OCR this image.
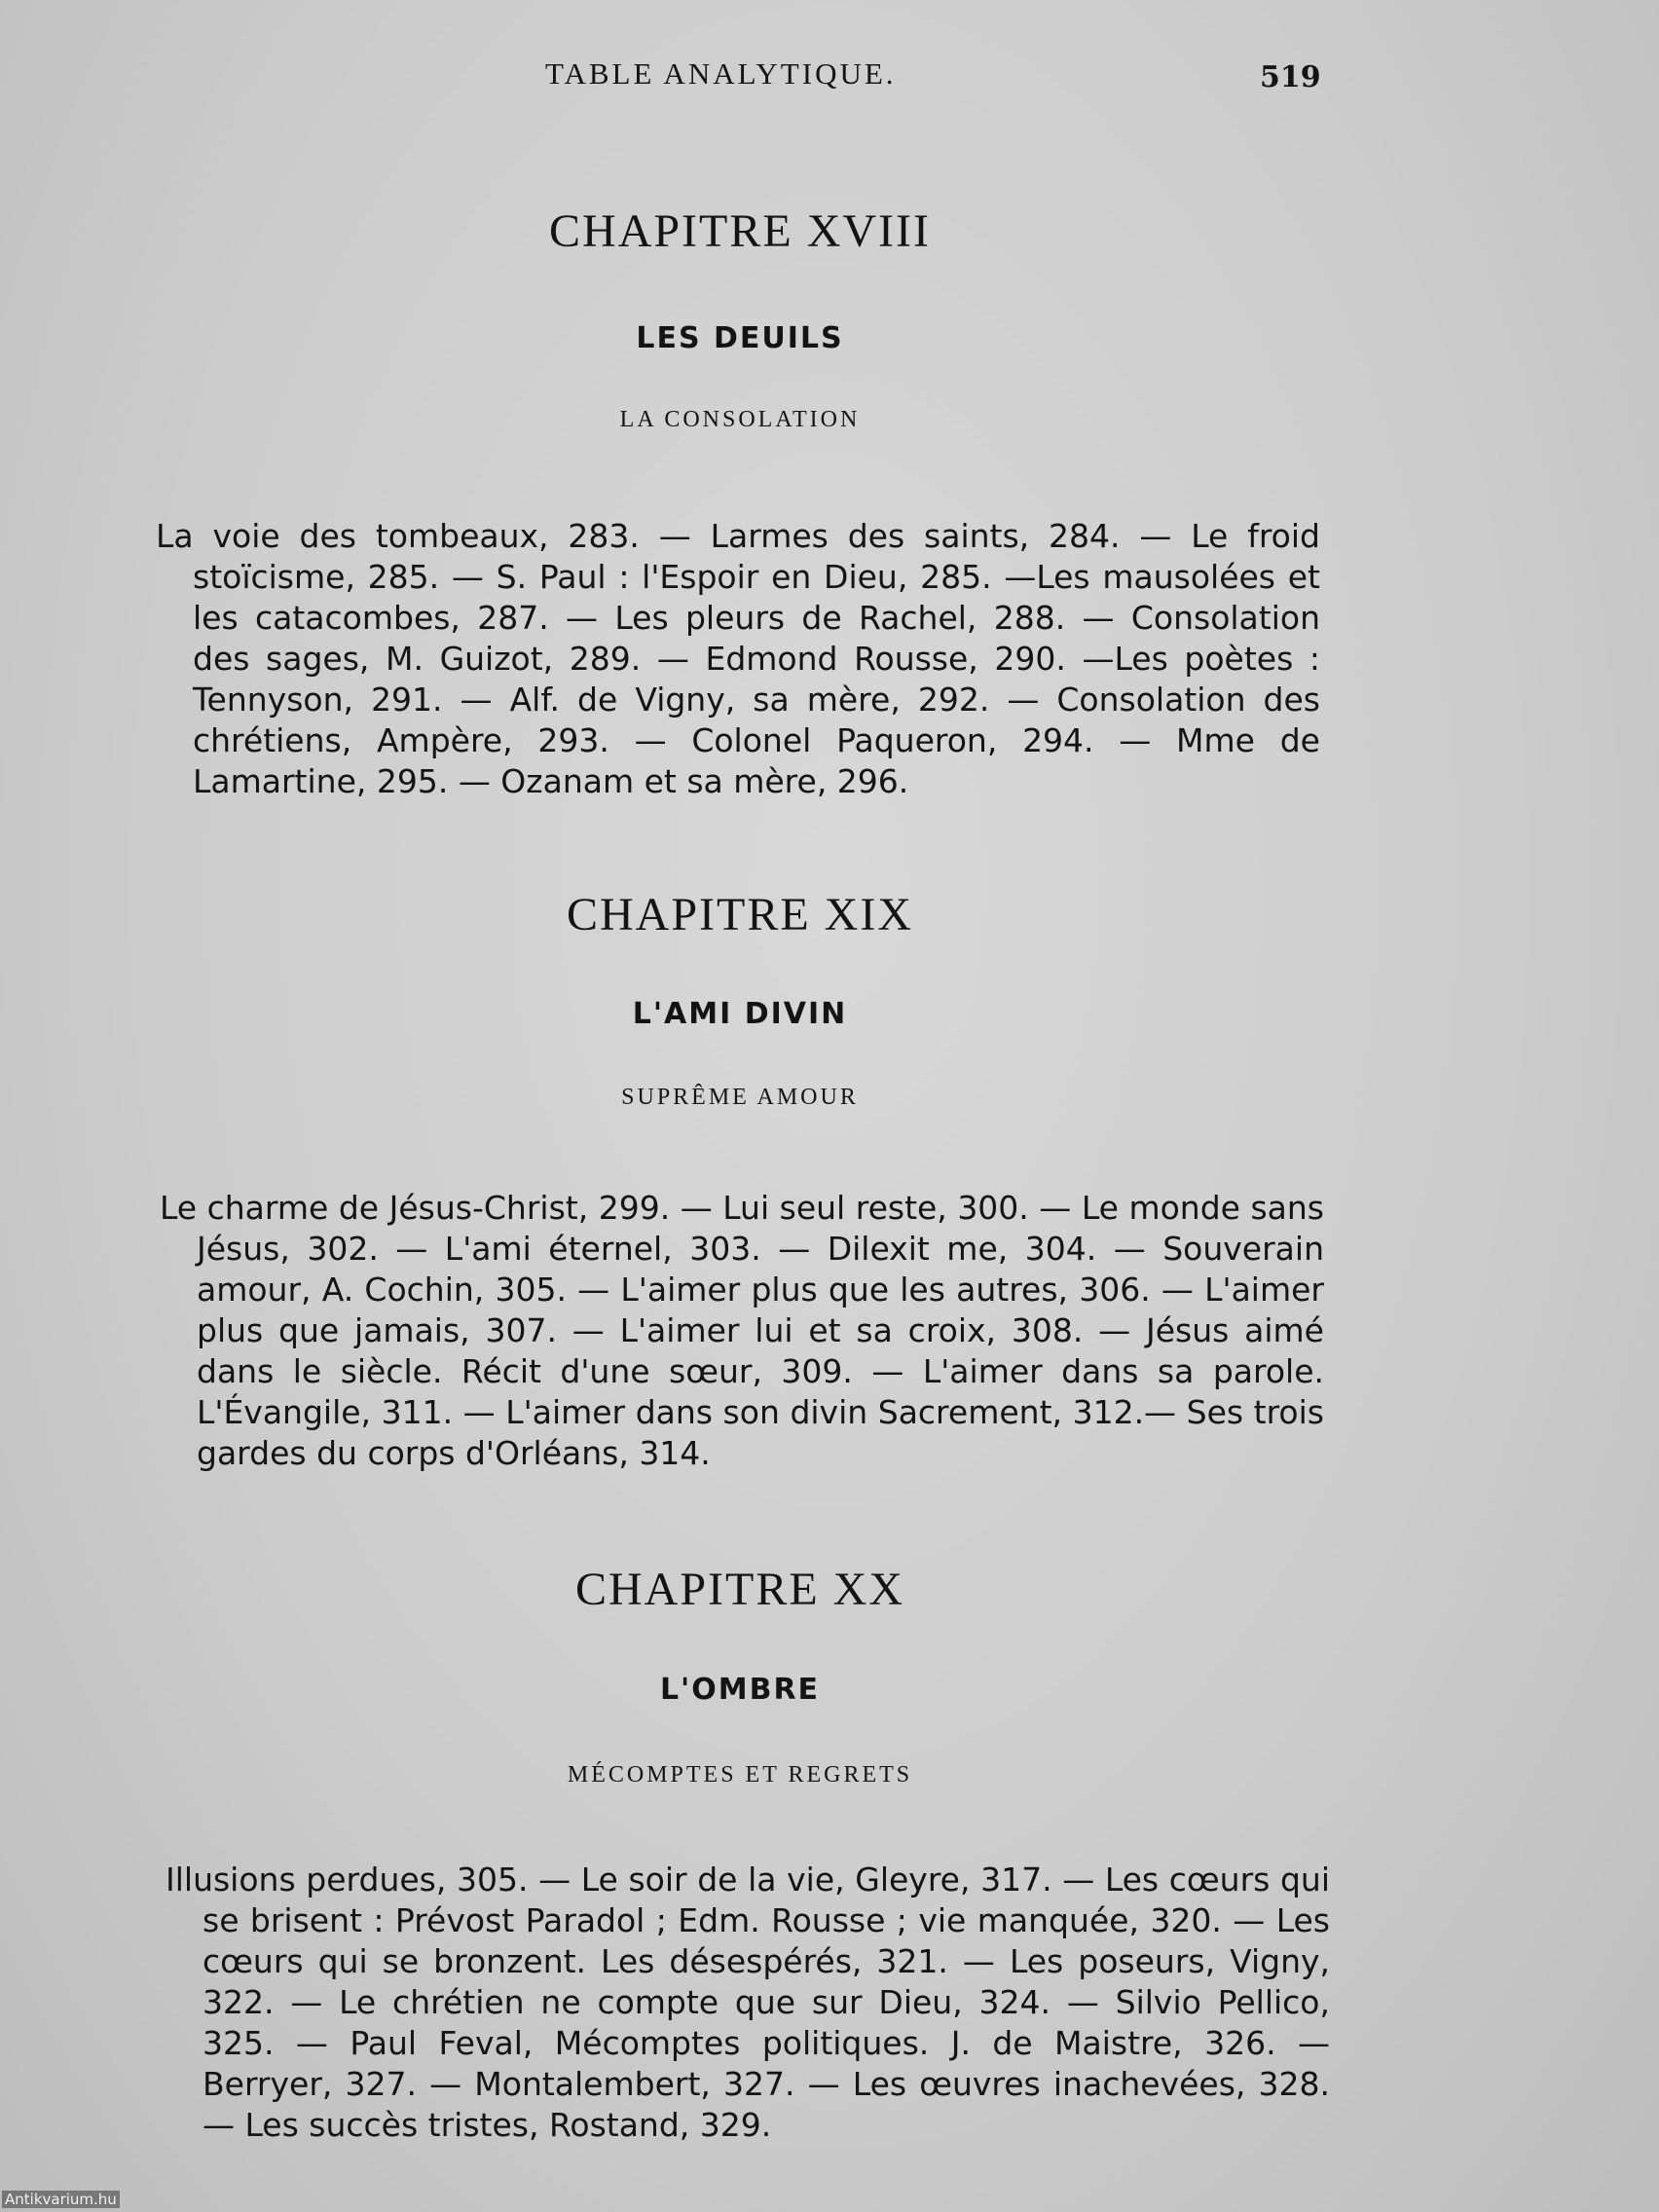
TABLE ANALYTIQUE.	519
CHAPITRE XVIII
LES DEUILS
LA CONSOLATION

La voie des tombeaux, 283. — Larmes des saints, 284. — Le froid stoïcisme, 285. — S. Paul : l'Espoir en Dieu, 285. —Les mausolées et les catacombes, 287. — Les pleurs de Rachel, 288. — Consolation des sages, M. Guizot, 289. — Edmond Rousse, 290. —Les poètes : Tennyson, 291. — Alf. de Vigny, sa mère, 292. — Consolation des chrétiens, Ampère, 293. — Colonel Paqueron, 294. — Mme de Lamartine, 295. — Ozanam et sa mère, 296.

CHAPITRE XIX
L'AMI DIVIN
SUPRÊME AMOUR

Le charme de Jésus-Christ, 299. — Lui seul reste, 300. — Le monde sans Jésus, 302. — L'ami éternel, 303. — Dilexit me, 304. — Souverain amour, A. Cochin, 305. — L'aimer plus que les autres, 306. — L'aimer plus que jamais, 307. — L'aimer lui et sa croix, 308. — Jésus aimé dans le siècle. Récit d'une sœur, 309. — L'aimer dans sa parole. L'Évangile, 311. — L'aimer dans son divin Sacrement, 312.— Ses trois gardes du corps d'Orléans, 314.

CHAPITRE XX
L'OMBRE
MÉCOMPTES ET REGRETS

Illusions perdues, 305. — Le soir de la vie, Gleyre, 317. — Les cœurs qui se brisent : Prévost Paradol ; Edm. Rousse ; vie manquée, 320. — Les cœurs qui se bronzent. Les désespérés, 321. — Les poseurs, Vigny, 322. — Le chrétien ne compte que sur Dieu, 324. — Silvio Pellico, 325. — Paul Feval, Mécomptes politiques. J. de Maistre, 326. — Berryer, 327. — Montalembert, 327. — Les œuvres inachevées, 328. — Les succès tristes, Rostand, 329.

Antikvarium.hu
